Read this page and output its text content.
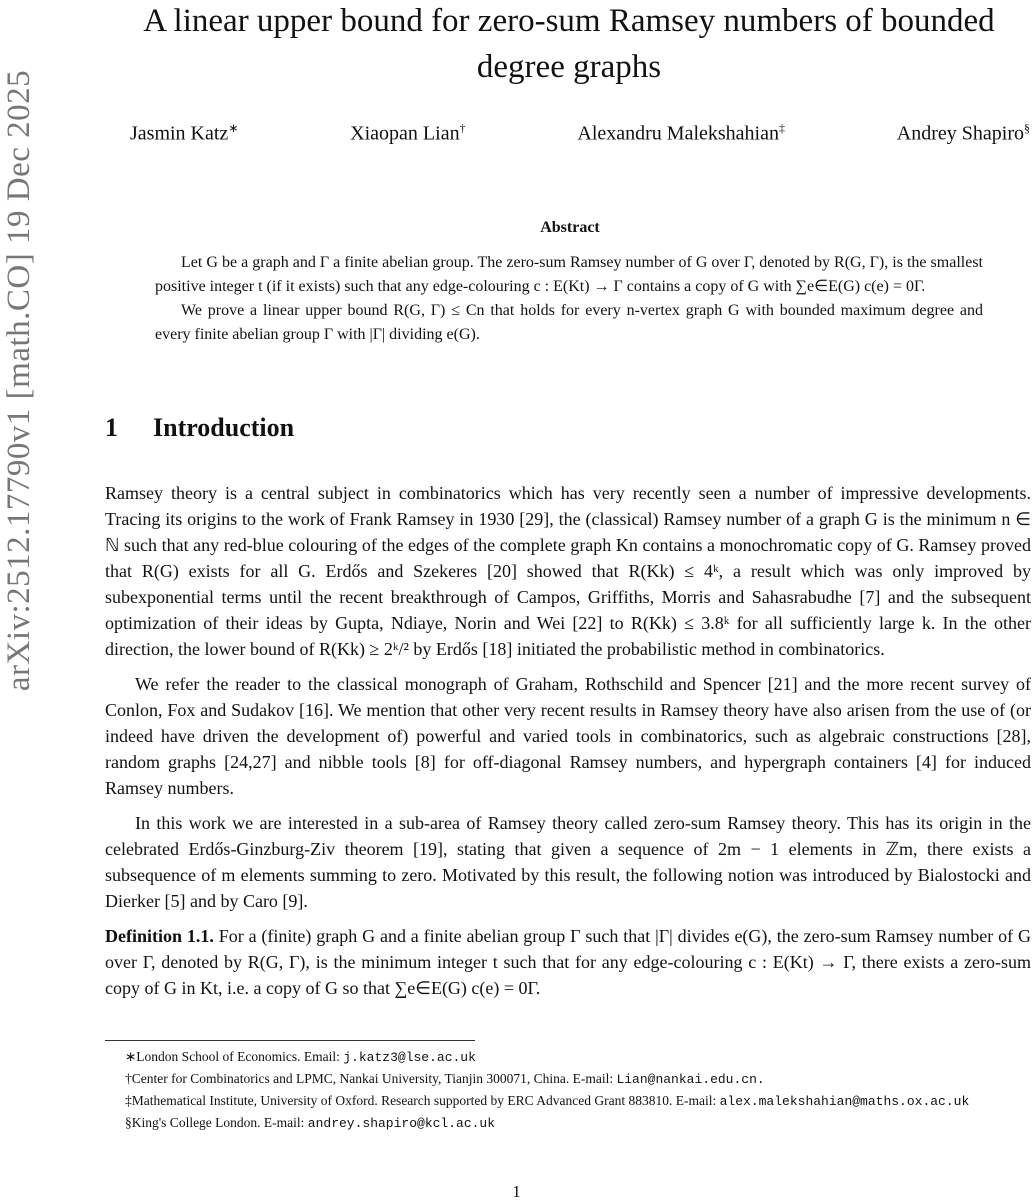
arXiv:2512.17790v1 [math.CO] 19 Dec 2025
A linear upper bound for zero-sum Ramsey numbers of bounded degree graphs
Jasmin Katz∗	Xiaopan Lian†	Alexandru Malekshahian‡	Andrey Shapiro§
Abstract

Let G be a graph and Γ a finite abelian group. The zero-sum Ramsey number of G over Γ, denoted by R(G, Γ), is the smallest positive integer t (if it exists) such that any edge-colouring c : E(Kt) → Γ contains a copy of G with ∑e∈E(G) c(e) = 0Γ.

We prove a linear upper bound R(G, Γ) ≤ Cn that holds for every n-vertex graph G with bounded maximum degree and every finite abelian group Γ with |Γ| dividing e(G).

1 Introduction

Ramsey theory is a central subject in combinatorics which has very recently seen a number of impressive developments. Tracing its origins to the work of Frank Ramsey in 1930 [29], the (classical) Ramsey number of a graph G is the minimum n ∈ ℕ such that any red-blue colouring of the edges of the complete graph Kn contains a monochromatic copy of G. Ramsey proved that R(G) exists for all G. Erdős and Szekeres [20] showed that R(Kk) ≤ 4ᵏ, a result which was only improved by subexponential terms until the recent breakthrough of Campos, Griffiths, Morris and Sahasrabudhe [7] and the subsequent optimization of their ideas by Gupta, Ndiaye, Norin and Wei [22] to R(Kk) ≤ 3.8ᵏ for all sufficiently large k. In the other direction, the lower bound of R(Kk) ≥ 2ᵏ/² by Erdős [18] initiated the probabilistic method in combinatorics.

We refer the reader to the classical monograph of Graham, Rothschild and Spencer [21] and the more recent survey of Conlon, Fox and Sudakov [16]. We mention that other very recent results in Ramsey theory have also arisen from the use of (or indeed have driven the development of) powerful and varied tools in combinatorics, such as algebraic constructions [28], random graphs [24,27] and nibble tools [8] for off-diagonal Ramsey numbers, and hypergraph containers [4] for induced Ramsey numbers.

In this work we are interested in a sub-area of Ramsey theory called zero-sum Ramsey theory. This has its origin in the celebrated Erdős-Ginzburg-Ziv theorem [19], stating that given a sequence of 2m − 1 elements in ℤm, there exists a subsequence of m elements summing to zero. Motivated by this result, the following notion was introduced by Bialostocki and Dierker [5] and by Caro [9].

Definition 1.1. For a (finite) graph G and a finite abelian group Γ such that |Γ| divides e(G), the zero-sum Ramsey number of G over Γ, denoted by R(G, Γ), is the minimum integer t such that for any edge-colouring c : E(Kt) → Γ, there exists a zero-sum copy of G in Kt, i.e. a copy of G so that ∑e∈E(G) c(e) = 0Γ.

∗London School of Economics. Email: j.katz3@lse.ac.uk

†Center for Combinatorics and LPMC, Nankai University, Tianjin 300071, China. E-mail: Lian@nankai.edu.cn.

‡Mathematical Institute, University of Oxford. Research supported by ERC Advanced Grant 883810. E-mail: alex.malekshahian@maths.ox.ac.uk

§King's College London. E-mail: andrey.shapiro@kcl.ac.uk

1
